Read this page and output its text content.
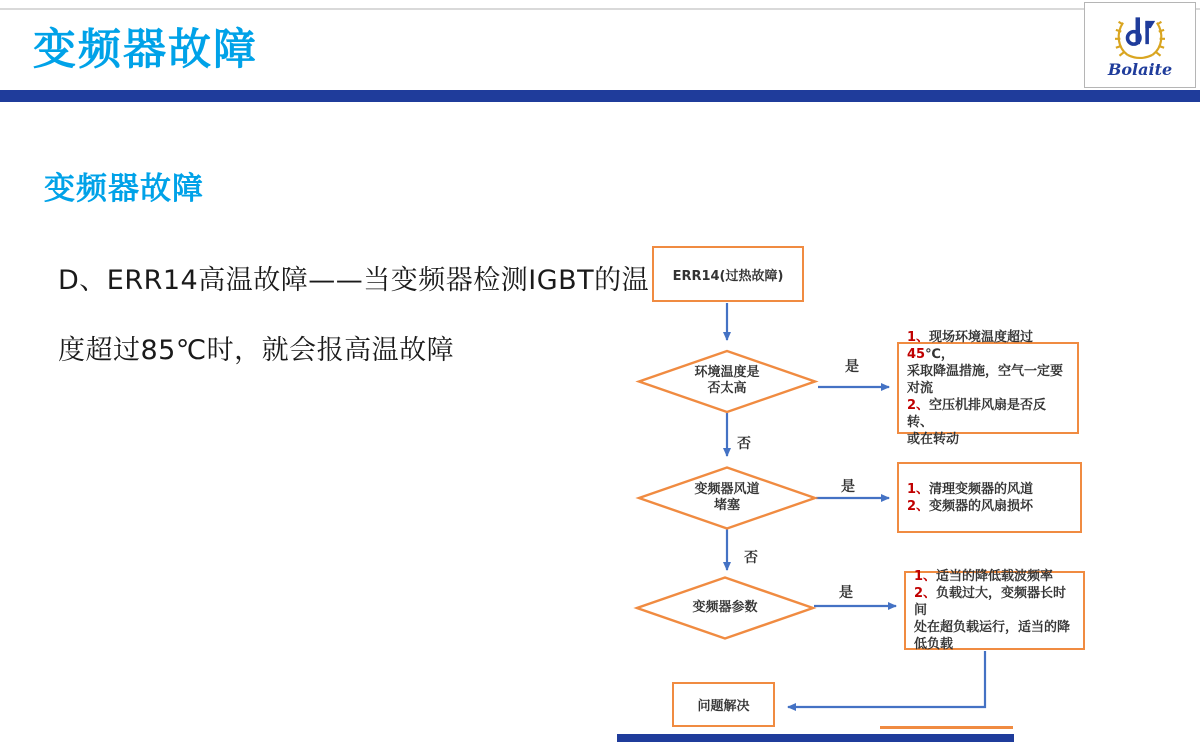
变频器故障	Bolaite
变频器故障
D、ERR14高温故障——当变频器检测IGBT的温
度超过85℃时，就会报高温故障
ERR14(过热故障)
环境温度是
否太高
变频器风道
堵塞
变频器参数
是
是
是
否
否
1、现场环境温度超过45℃，
采取降温措施，空气一定要
对流
2、空压机排风扇是否反转、
或在转动
1、清理变频器的风道
2、变频器的风扇损坏
1、适当的降低载波频率
2、负载过大，变频器长时间
处在超负载运行，适当的降
低负载
问题解决
